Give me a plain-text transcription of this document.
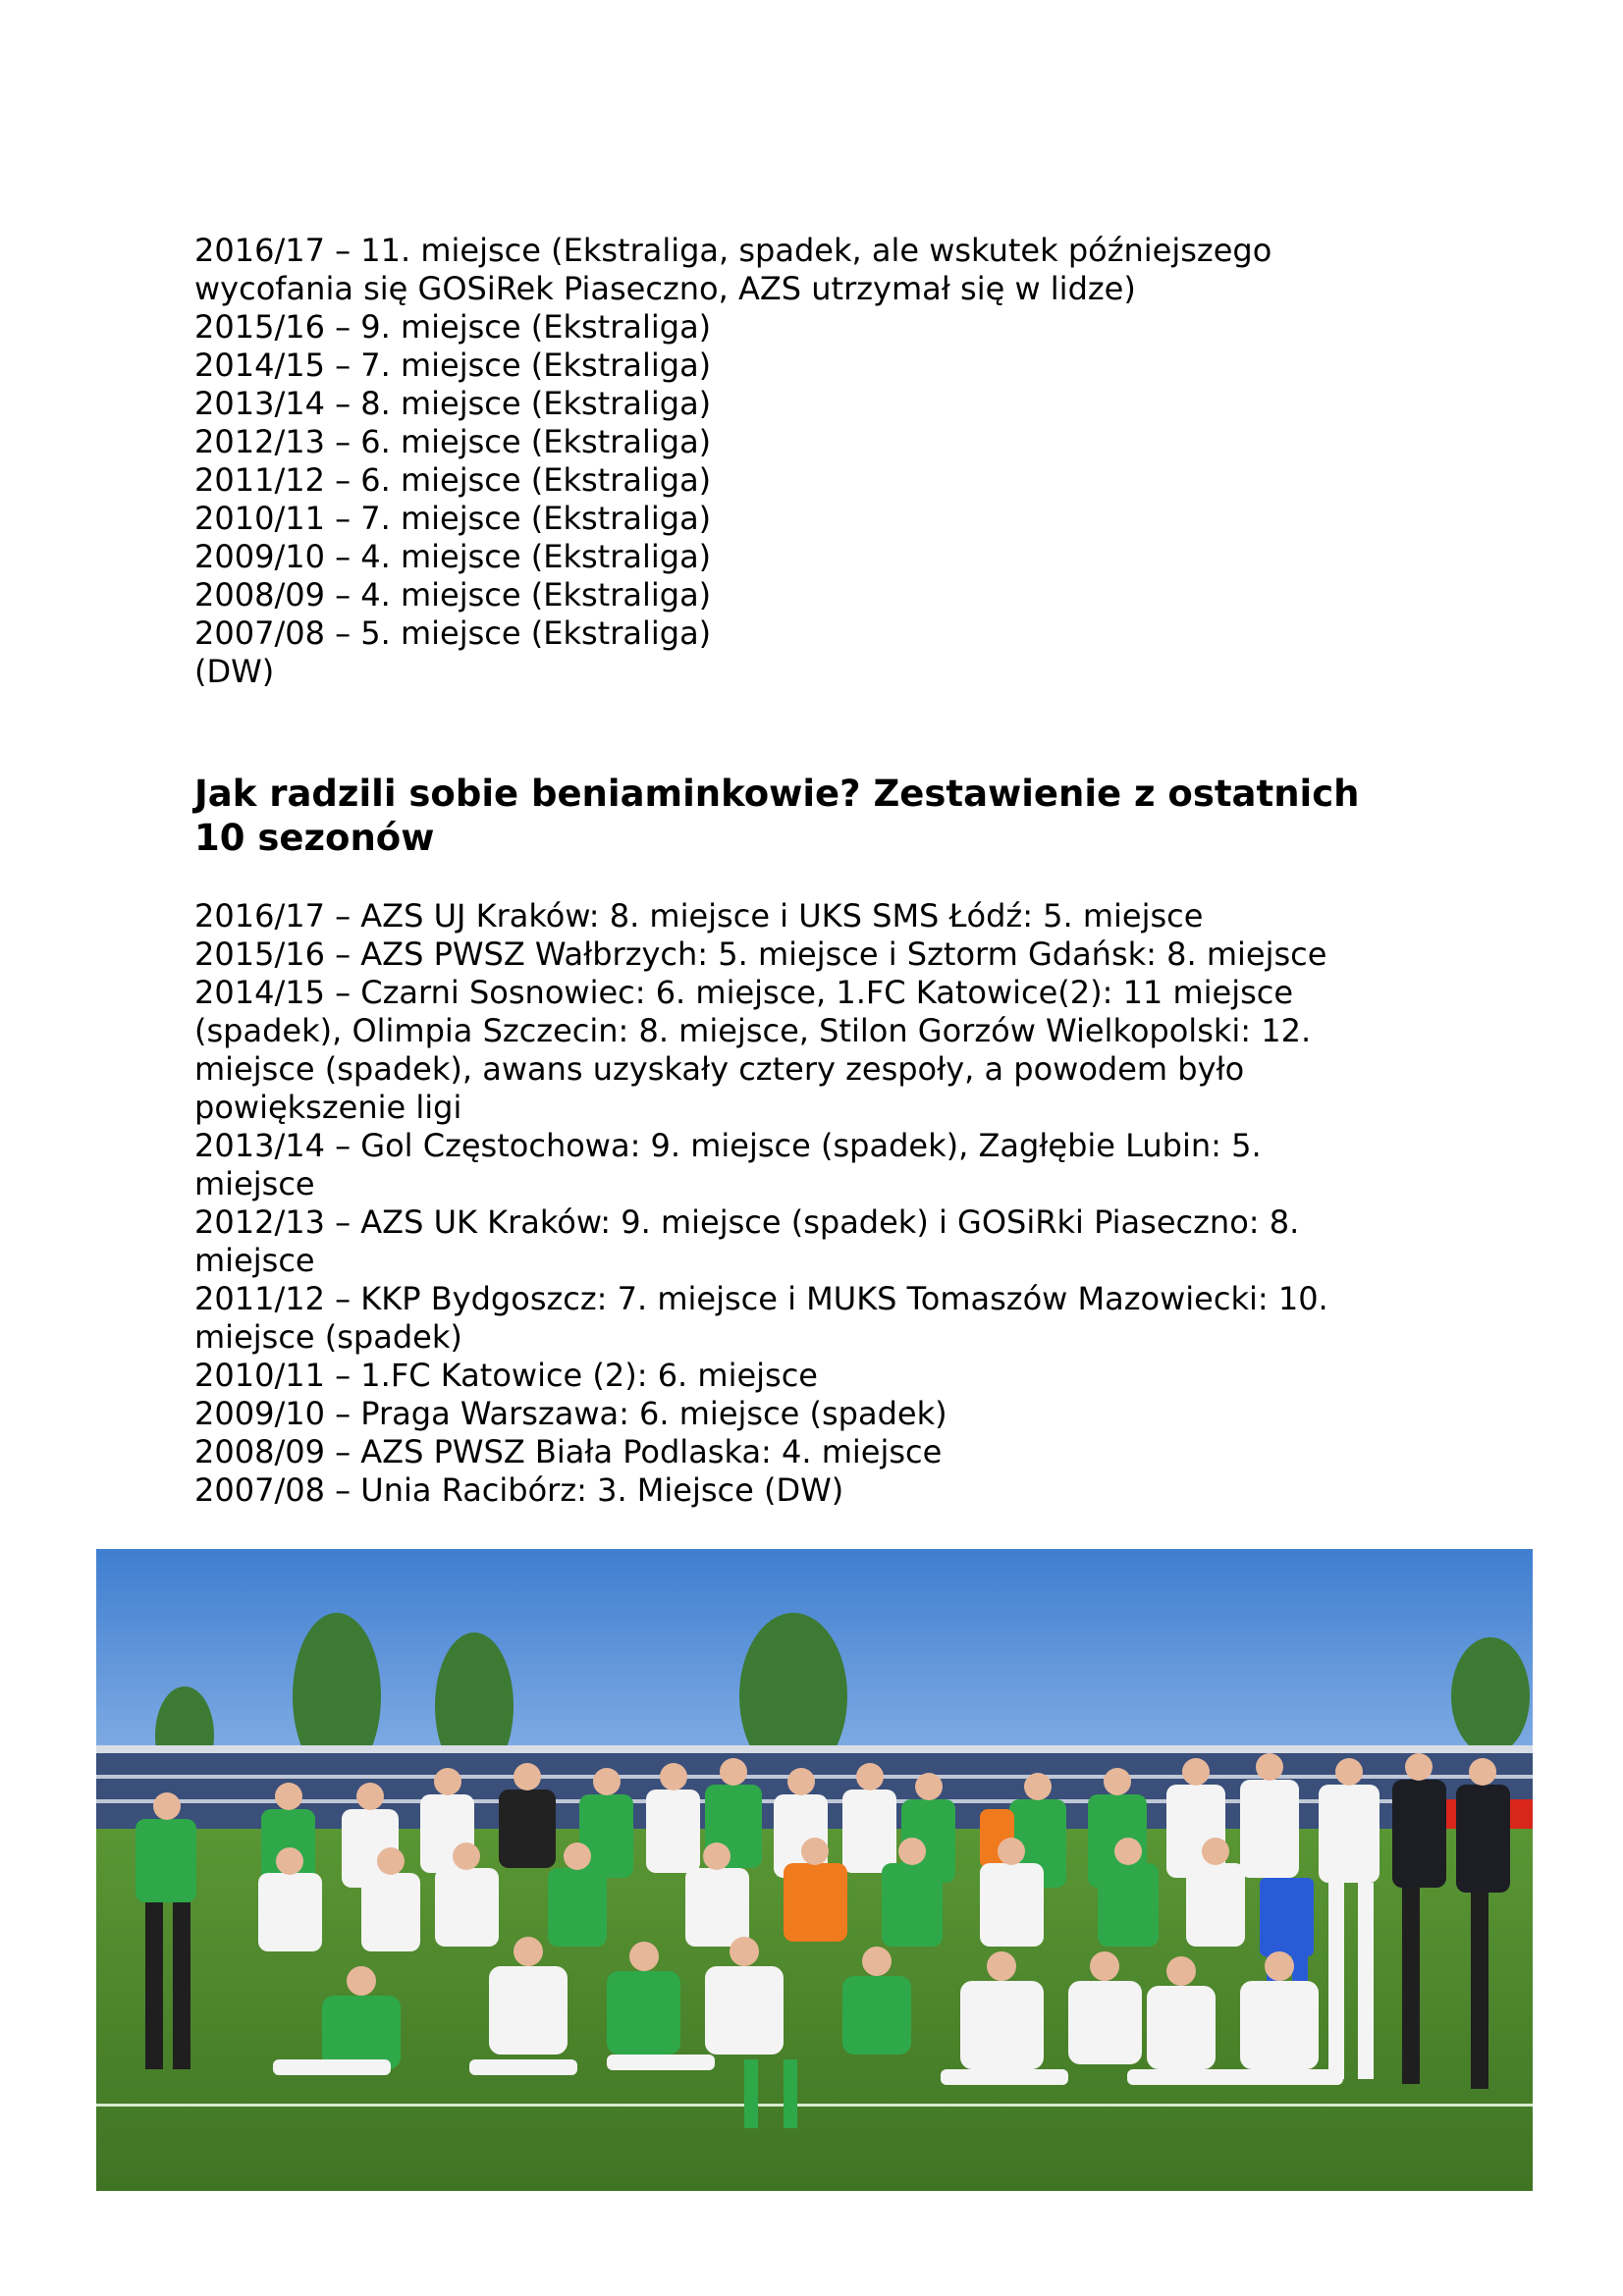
2016/17 – 11. miejsce (Ekstraliga, spadek, ale wskutek późniejszego
wycofania się GOSiRek Piaseczno, AZS utrzymał się w lidze)
2015/16 – 9. miejsce (Ekstraliga)
2014/15 – 7. miejsce (Ekstraliga)
2013/14 – 8. miejsce (Ekstraliga)
2012/13 – 6. miejsce (Ekstraliga)
2011/12 – 6. miejsce (Ekstraliga)
2010/11 – 7. miejsce (Ekstraliga)
2009/10 – 4. miejsce (Ekstraliga)
2008/09 – 4. miejsce (Ekstraliga)
2007/08 – 5. miejsce (Ekstraliga)
(DW)
Jak radzili sobie beniaminkowie? Zestawienie z ostatnich
10 sezonów
2016/17 – AZS UJ Kraków: 8. miejsce i UKS SMS Łódź: 5. miejsce
2015/16 – AZS PWSZ Wałbrzych: 5. miejsce i Sztorm Gdańsk: 8. miejsce
2014/15 – Czarni Sosnowiec: 6. miejsce, 1.FC Katowice(2): 11 miejsce
(spadek), Olimpia Szczecin: 8. miejsce, Stilon Gorzów Wielkopolski: 12.
miejsce (spadek), awans uzyskały cztery zespoły, a powodem było
powiększenie ligi
2013/14 – Gol Częstochowa: 9. miejsce (spadek), Zagłębie Lubin: 5.
miejsce
2012/13 – AZS UK Kraków: 9. miejsce (spadek) i GOSiRki Piaseczno: 8.
miejsce
2011/12 – KKP Bydgoszcz: 7. miejsce i MUKS Tomaszów Mazowiecki: 10.
miejsce (spadek)
2010/11 – 1.FC Katowice (2): 6. miejsce
2009/10 – Praga Warszawa: 6. miejsce (spadek)
2008/09 – AZS PWSZ Biała Podlaska: 4. miejsce
2007/08 – Unia Racibórz: 3. Miejsce (DW)
